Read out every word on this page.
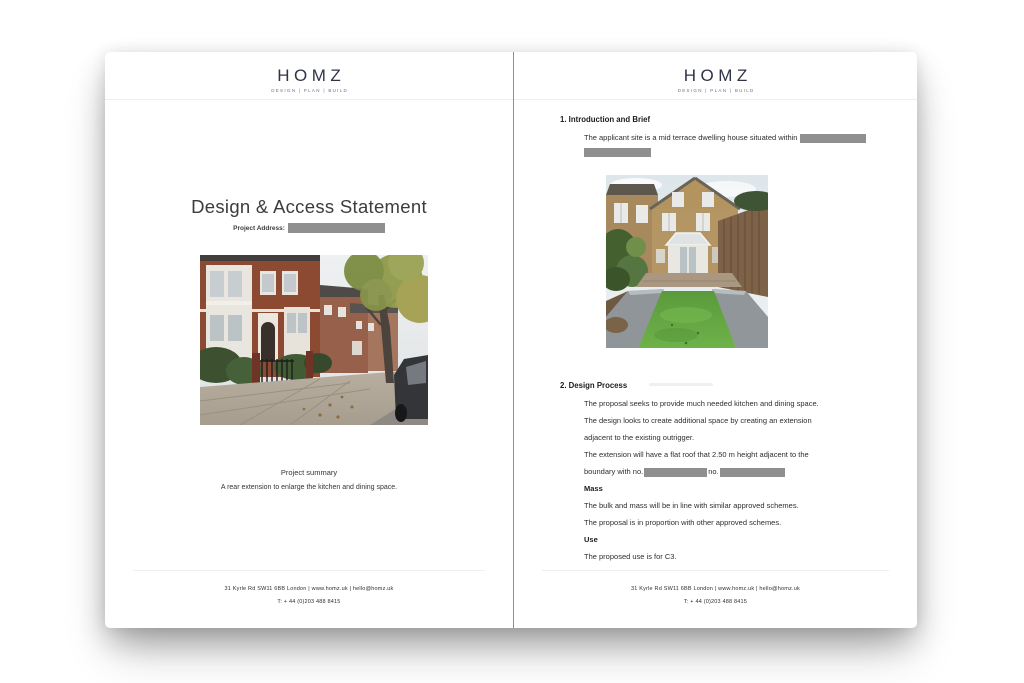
HOMZ
DESIGN | PLAN | BUILD
Design & Access Statement
Project Address:
Project summary
A rear extension to enlarge the kitchen and dining space.
31 Kyrle Rd SW11 6BB London | www.homz.uk | hello@homz.uk
T: + 44 (0)203 488 8415
HOMZ
DESIGN | PLAN | BUILD
1. Introduction and Brief
The applicant site is a mid terrace dwelling house situated within
2. Design Process
The proposal seeks to provide much needed kitchen and dining space.
The design looks to create additional space by creating an extension
adjacent to the existing outrigger.
The extension will have a flat roof that 2.50 m height adjacent to the
boundary with no.	no.
Mass
The bulk and mass will be in line with similar approved schemes.
The proposal is in proportion with other approved schemes.
Use
The proposed use is for C3.
31 Kyrle Rd SW11 6BB London | www.homz.uk | hello@homz.uk
T: + 44 (0)203 488 8415
